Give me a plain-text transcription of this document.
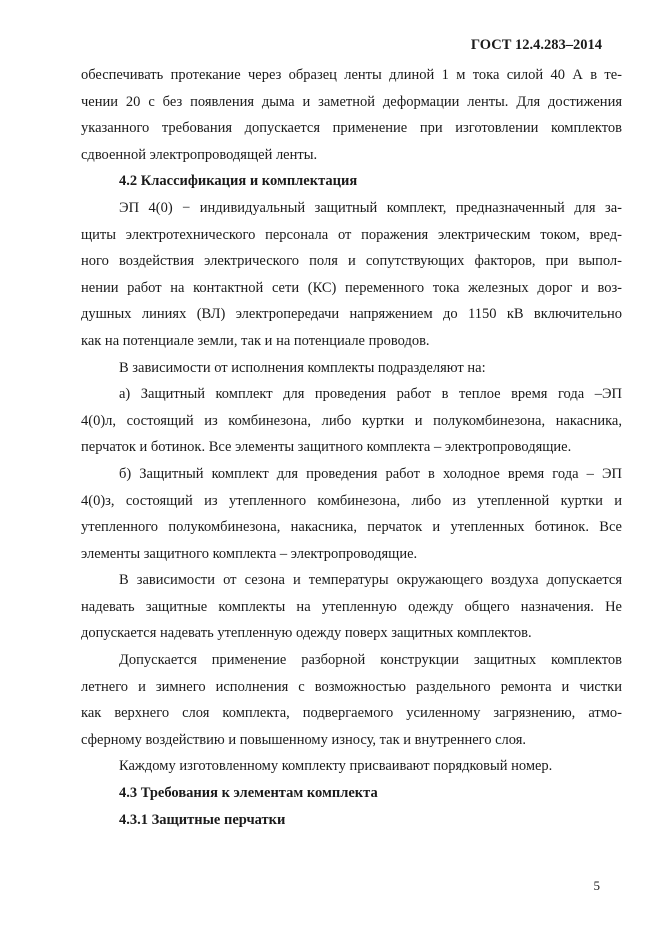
ГОСТ 12.4.283–2014
обеспечивать протекание через образец ленты длиной 1 м тока силой 40 А в те-
чении 20 с без появления дыма и заметной деформации ленты. Для достижения
указанного требования допускается применение при изготовлении комплектов
сдвоенной электропроводящей ленты.
4.2 Классификация и комплектация
ЭП 4(0) − индивидуальный защитный комплект, предназначенный для за-
щиты электротехнического персонала от поражения электрическим током, вред-
ного воздействия электрического поля и сопутствующих факторов, при выпол-
нении работ на контактной сети (КС) переменного тока железных дорог и воз-
душных линиях (ВЛ) электропередачи напряжением до 1150 кВ включительно
как на потенциале земли, так и на потенциале проводов.
В зависимости от исполнения комплекты подразделяют на:
а) Защитный комплект для проведения работ в теплое время года –ЭП
4(0)л, состоящий из комбинезона, либо куртки и полукомбинезона, накасника,
перчаток и ботинок. Все элементы защитного комплекта – электропроводящие.
б) Защитный комплект для проведения работ в холодное время года – ЭП
4(0)з, состоящий из утепленного комбинезона, либо из утепленной куртки и
утепленного полукомбинезона, накасника, перчаток и утепленных ботинок. Все
элементы защитного комплекта – электропроводящие.
В зависимости от сезона и температуры окружающего воздуха допускается
надевать защитные комплекты на утепленную одежду общего назначения. Не
допускается надевать утепленную одежду поверх защитных комплектов.
Допускается применение разборной конструкции защитных комплектов
летнего и зимнего исполнения с возможностью раздельного ремонта и чистки
как верхнего слоя комплекта, подвергаемого усиленному загрязнению, атмо-
сферному воздействию и повышенному износу, так и внутреннего слоя.
Каждому изготовленному комплекту присваивают порядковый номер.
4.3 Требования к элементам комплекта
4.3.1 Защитные перчатки
5
